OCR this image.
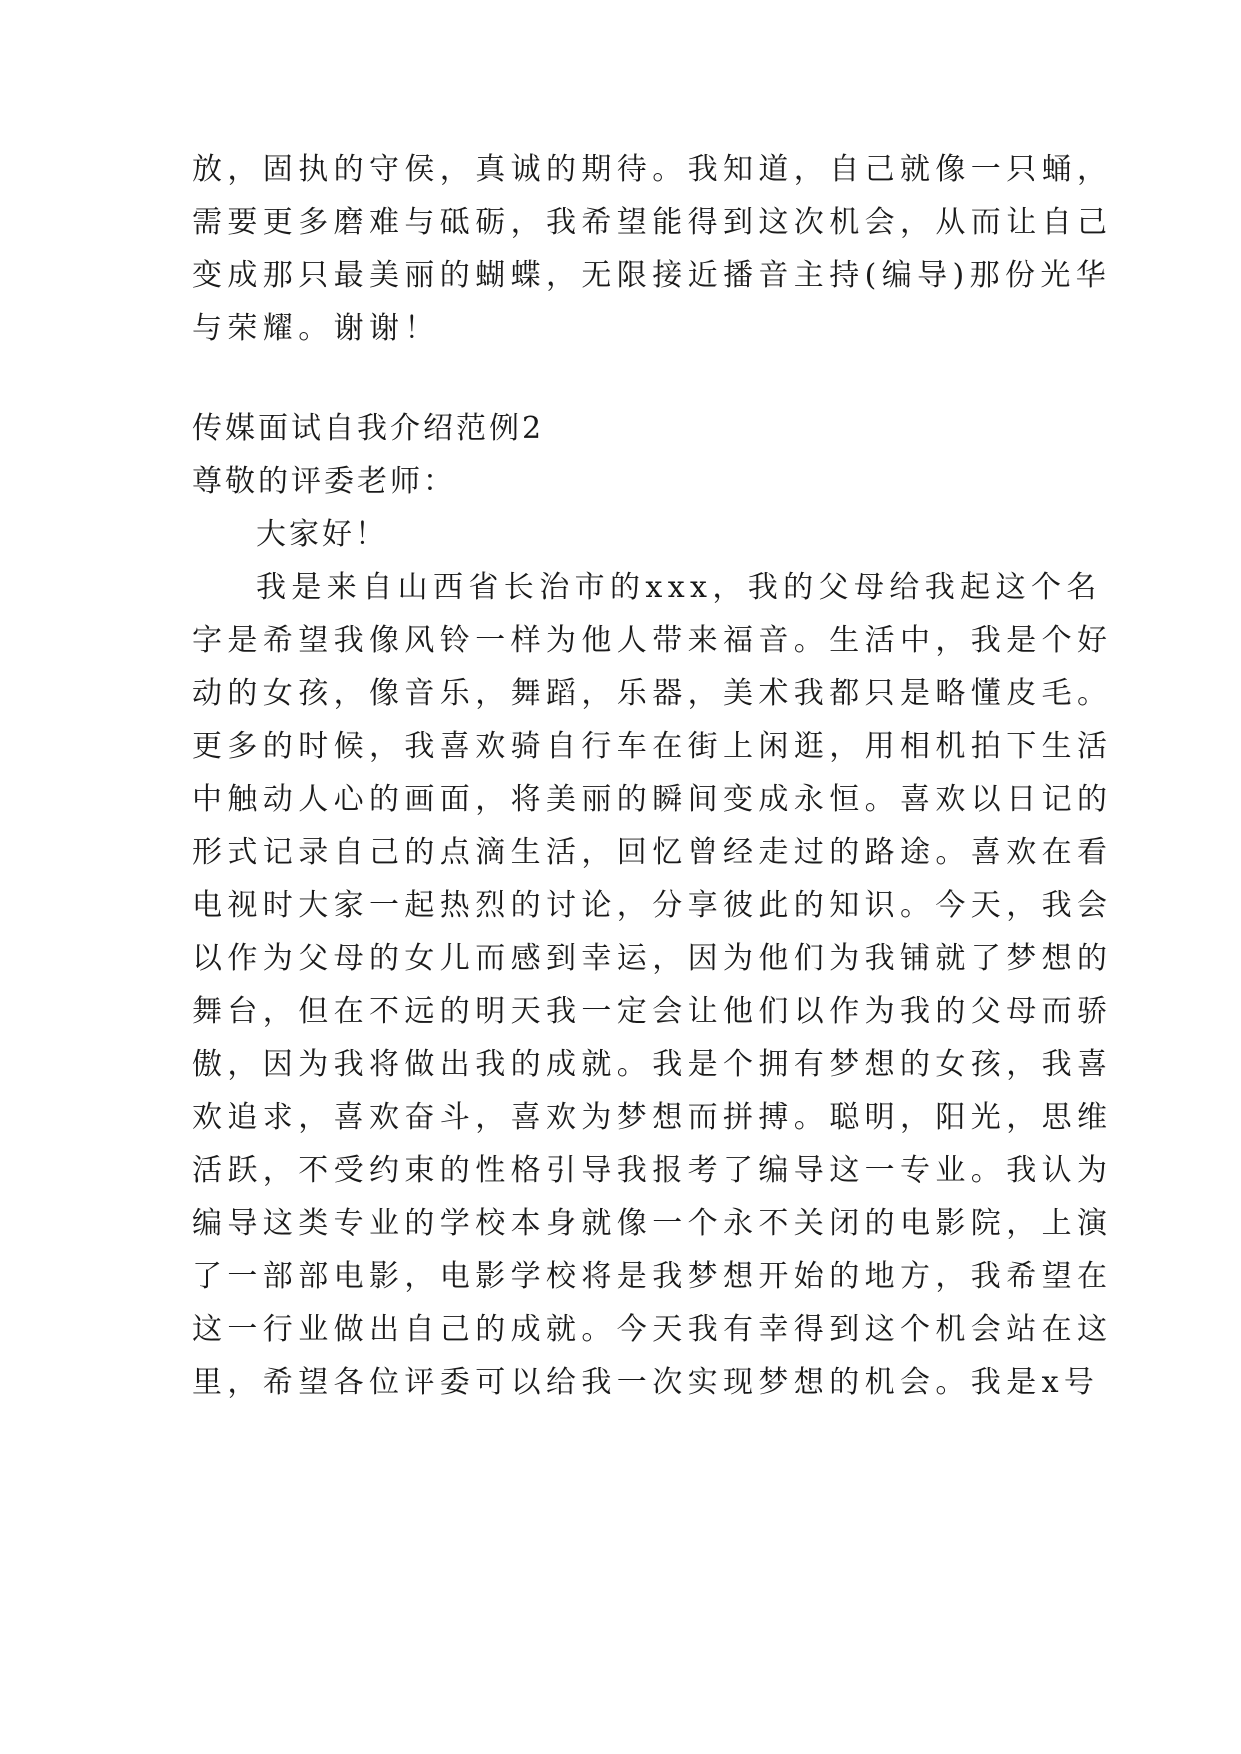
放，固执的守侯，真诚的期待。我知道，自己就像一只蛹，
需要更多磨难与砥砺，我希望能得到这次机会，从而让自己
变成那只最美丽的蝴蝶，无限接近播音主持(编导)那份光华
与荣耀。谢谢！
传媒面试自我介绍范例2
尊敬的评委老师：
大家好！
我是来自山西省长治市的xxx，我的父母给我起这个名
字是希望我像风铃一样为他人带来福音。生活中，我是个好
动的女孩，像音乐，舞蹈，乐器，美术我都只是略懂皮毛。
更多的时候，我喜欢骑自行车在街上闲逛，用相机拍下生活
中触动人心的画面，将美丽的瞬间变成永恒。喜欢以日记的
形式记录自己的点滴生活，回忆曾经走过的路途。喜欢在看
电视时大家一起热烈的讨论，分享彼此的知识。今天，我会
以作为父母的女儿而感到幸运，因为他们为我铺就了梦想的
舞台，但在不远的明天我一定会让他们以作为我的父母而骄
傲，因为我将做出我的成就。我是个拥有梦想的女孩，我喜
欢追求，喜欢奋斗，喜欢为梦想而拼搏。聪明，阳光，思维
活跃，不受约束的性格引导我报考了编导这一专业。我认为
编导这类专业的学校本身就像一个永不关闭的电影院，上演
了一部部电影，电影学校将是我梦想开始的地方，我希望在
这一行业做出自己的成就。今天我有幸得到这个机会站在这
里，希望各位评委可以给我一次实现梦想的机会。我是x号
